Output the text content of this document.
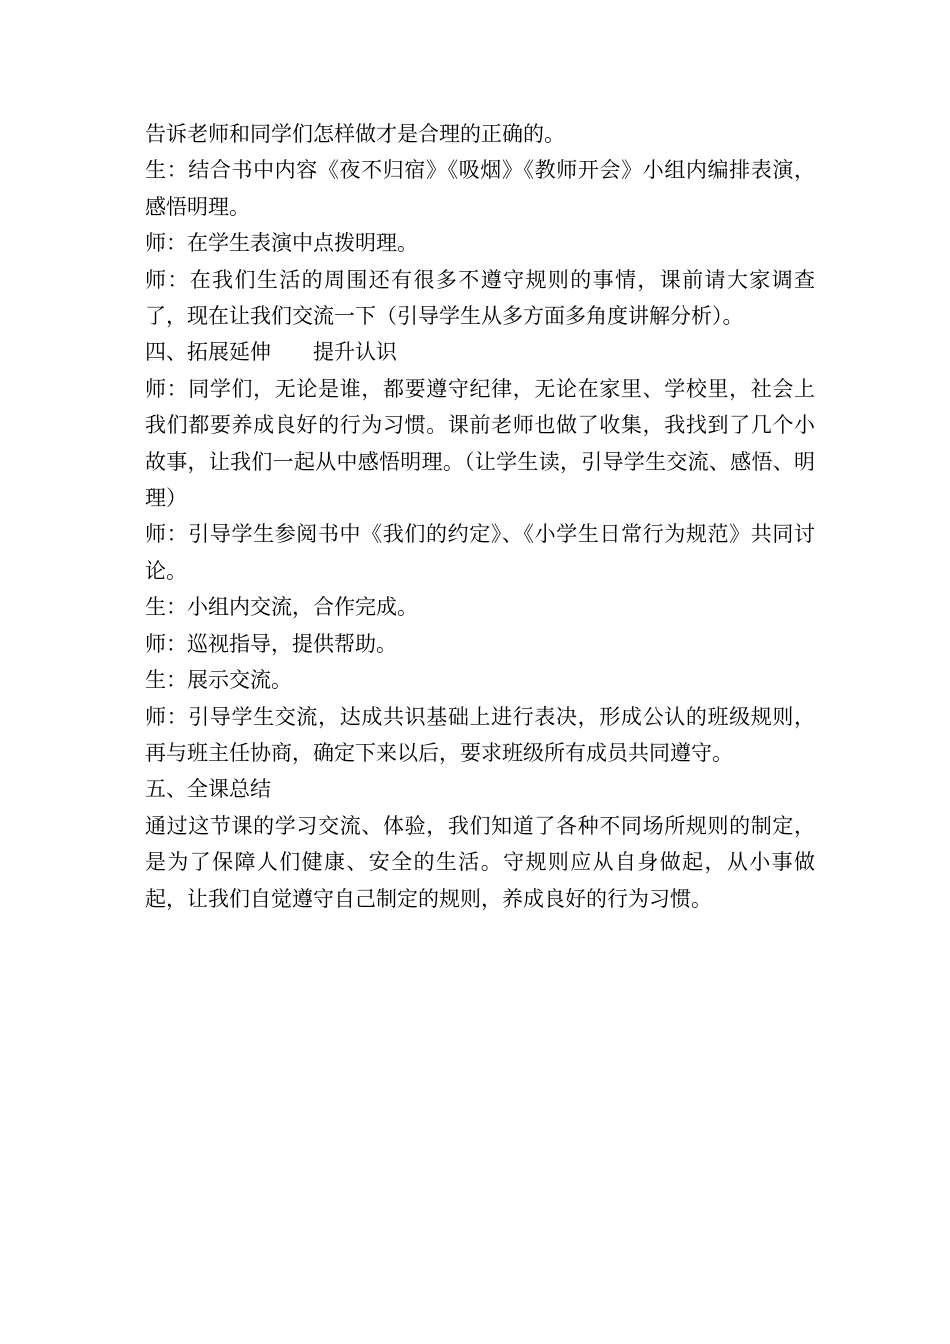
告诉老师和同学们怎样做才是合理的正确的。

生：结合书中内容《夜不归宿》《吸烟》《教师开会》小组内编排表演，感悟明理。

师：在学生表演中点拨明理。

师：在我们生活的周围还有很多不遵守规则的事情，课前请大家调查了，现在让我们交流一下（引导学生从多方面多角度讲解分析）。

四、拓展延伸 提升认识

师：同学们，无论是谁，都要遵守纪律，无论在家里、学校里，社会上我们都要养成良好的行为习惯。课前老师也做了收集，我找到了几个小故事，让我们一起从中感悟明理。（让学生读，引导学生交流、感悟、明理）

师：引导学生参阅书中《我们的约定》、《小学生日常行为规范》共同讨论。

生：小组内交流，合作完成。

师：巡视指导，提供帮助。

生：展示交流。

师：引导学生交流，达成共识基础上进行表决，形成公认的班级规则，再与班主任协商，确定下来以后，要求班级所有成员共同遵守。

五、全课总结

通过这节课的学习交流、体验，我们知道了各种不同场所规则的制定，是为了保障人们健康、安全的生活。守规则应从自身做起，从小事做起，让我们自觉遵守自己制定的规则，养成良好的行为习惯。
